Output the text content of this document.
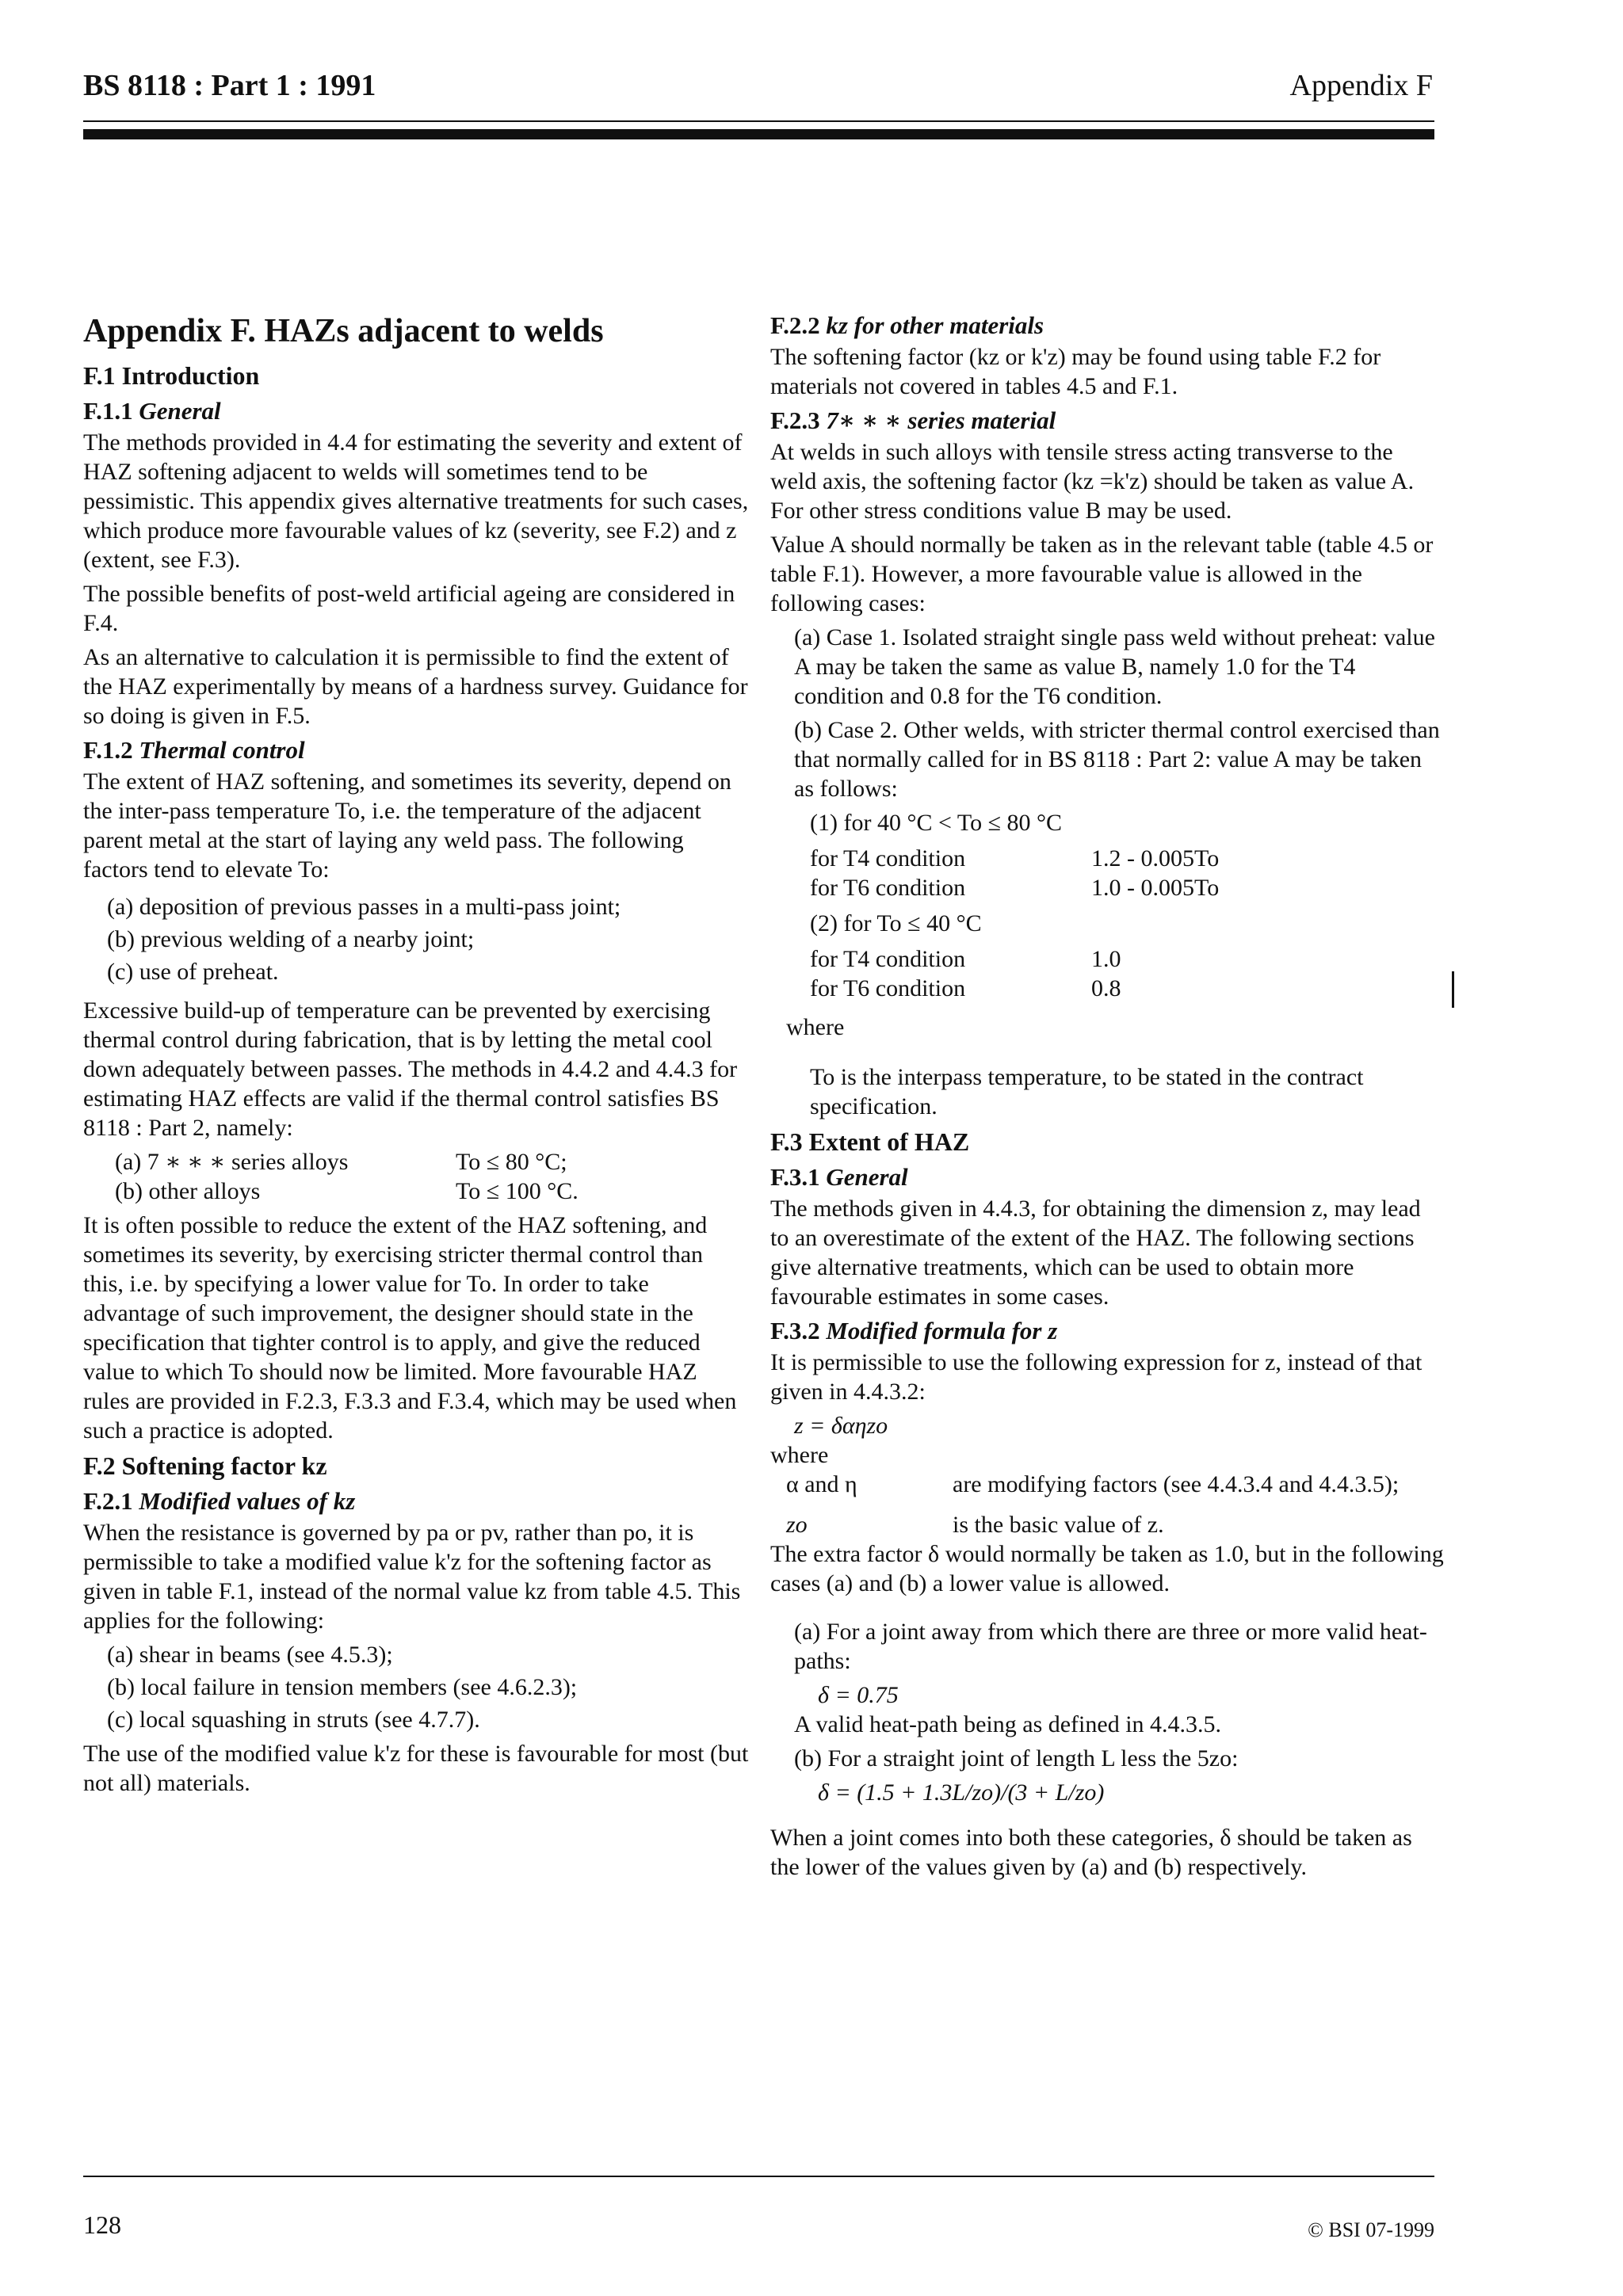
BS 8118 : Part 1 : 1991	Appendix F
Appendix F. HAZs adjacent to welds
F.1 Introduction
F.1.1 General

The methods provided in 4.4 for estimating the severity and extent of HAZ softening adjacent to welds will sometimes tend to be pessimistic. This appendix gives alternative treatments for such cases, which produce more favourable values of kz (severity, see F.2) and z (extent, see F.3).

The possible benefits of post-weld artificial ageing are considered in F.4.

As an alternative to calculation it is permissible to find the extent of the HAZ experimentally by means of a hardness survey. Guidance for so doing is given in F.5.

F.1.2 Thermal control

The extent of HAZ softening, and sometimes its severity, depend on the inter-pass temperature To, i.e. the temperature of the adjacent parent metal at the start of laying any weld pass. The following factors tend to elevate To:

(a) deposition of previous passes in a multi-pass joint;
(b) previous welding of a nearby joint;
(c) use of preheat.

Excessive build-up of temperature can be prevented by exercising thermal control during fabrication, that is by letting the metal cool down adequately between passes. The methods in 4.4.2 and 4.4.3 for estimating HAZ effects are valid if the thermal control satisfies BS 8118 : Part 2, namely:

(a) 7 ∗ ∗ ∗ series alloys	To ≤ 80 °C;
(b) other alloys	To ≤ 100 °C.

It is often possible to reduce the extent of the HAZ softening, and sometimes its severity, by exercising stricter thermal control than this, i.e. by specifying a lower value for To. In order to take advantage of such improvement, the designer should state in the specification that tighter control is to apply, and give the reduced value to which To should now be limited. More favourable HAZ rules are provided in F.2.3, F.3.3 and F.3.4, which may be used when such a practice is adopted.

F.2 Softening factor kz
F.2.1 Modified values of kz

When the resistance is governed by pa or pv, rather than po, it is permissible to take a modified value k'z for the softening factor as given in table F.1, instead of the normal value kz from table 4.5. This applies for the following:

(a) shear in beams (see 4.5.3);
(b) local failure in tension members (see 4.6.2.3);
(c) local squashing in struts (see 4.7.7).

The use of the modified value k'z for these is favourable for most (but not all) materials.

F.2.2 kz for other materials

The softening factor (kz or k'z) may be found using table F.2 for materials not covered in tables 4.5 and F.1.

F.2.3 7∗ ∗ ∗ series material

At welds in such alloys with tensile stress acting transverse to the weld axis, the softening factor (kz =k'z) should be taken as value A. For other stress conditions value B may be used.

Value A should normally be taken as in the relevant table (table 4.5 or table F.1). However, a more favourable value is allowed in the following cases:

(a) Case 1. Isolated straight single pass weld without preheat: value A may be taken the same as value B, namely 1.0 for the T4 condition and 0.8 for the T6 condition.

(b) Case 2. Other welds, with stricter thermal control exercised than that normally called for in BS 8118 : Part 2: value A may be taken as follows:

(1) for 40 °C < To ≤ 80 °C
for T4 condition	1.2 - 0.005To
for T6 condition	1.0 - 0.005To
(2) for To ≤ 40 °C
for T4 condition	1.0
for T6 condition	0.8
where

To is the interpass temperature, to be stated in the contract specification.

F.3 Extent of HAZ
F.3.1 General

The methods given in 4.4.3, for obtaining the dimension z, may lead to an overestimate of the extent of the HAZ. The following sections give alternative treatments, which can be used to obtain more favourable estimates in some cases.

F.3.2 Modified formula for z

It is permissible to use the following expression for z, instead of that given in 4.4.3.2:

z = δαηzo
where
α and η	are modifying factors (see 4.4.3.4 and 4.4.3.5);
zo	is the basic value of z.

The extra factor δ would normally be taken as 1.0, but in the following cases (a) and (b) a lower value is allowed.

(a) For a joint away from which there are three or more valid heat-paths:

δ = 0.75

A valid heat-path being as defined in 4.4.3.5.

(b) For a straight joint of length L less the 5zo:

δ = (1.5 + 1.3L/zo)/(3 + L/zo)

When a joint comes into both these categories, δ should be taken as the lower of the values given by (a) and (b) respectively.

128	© BSI 07-1999
